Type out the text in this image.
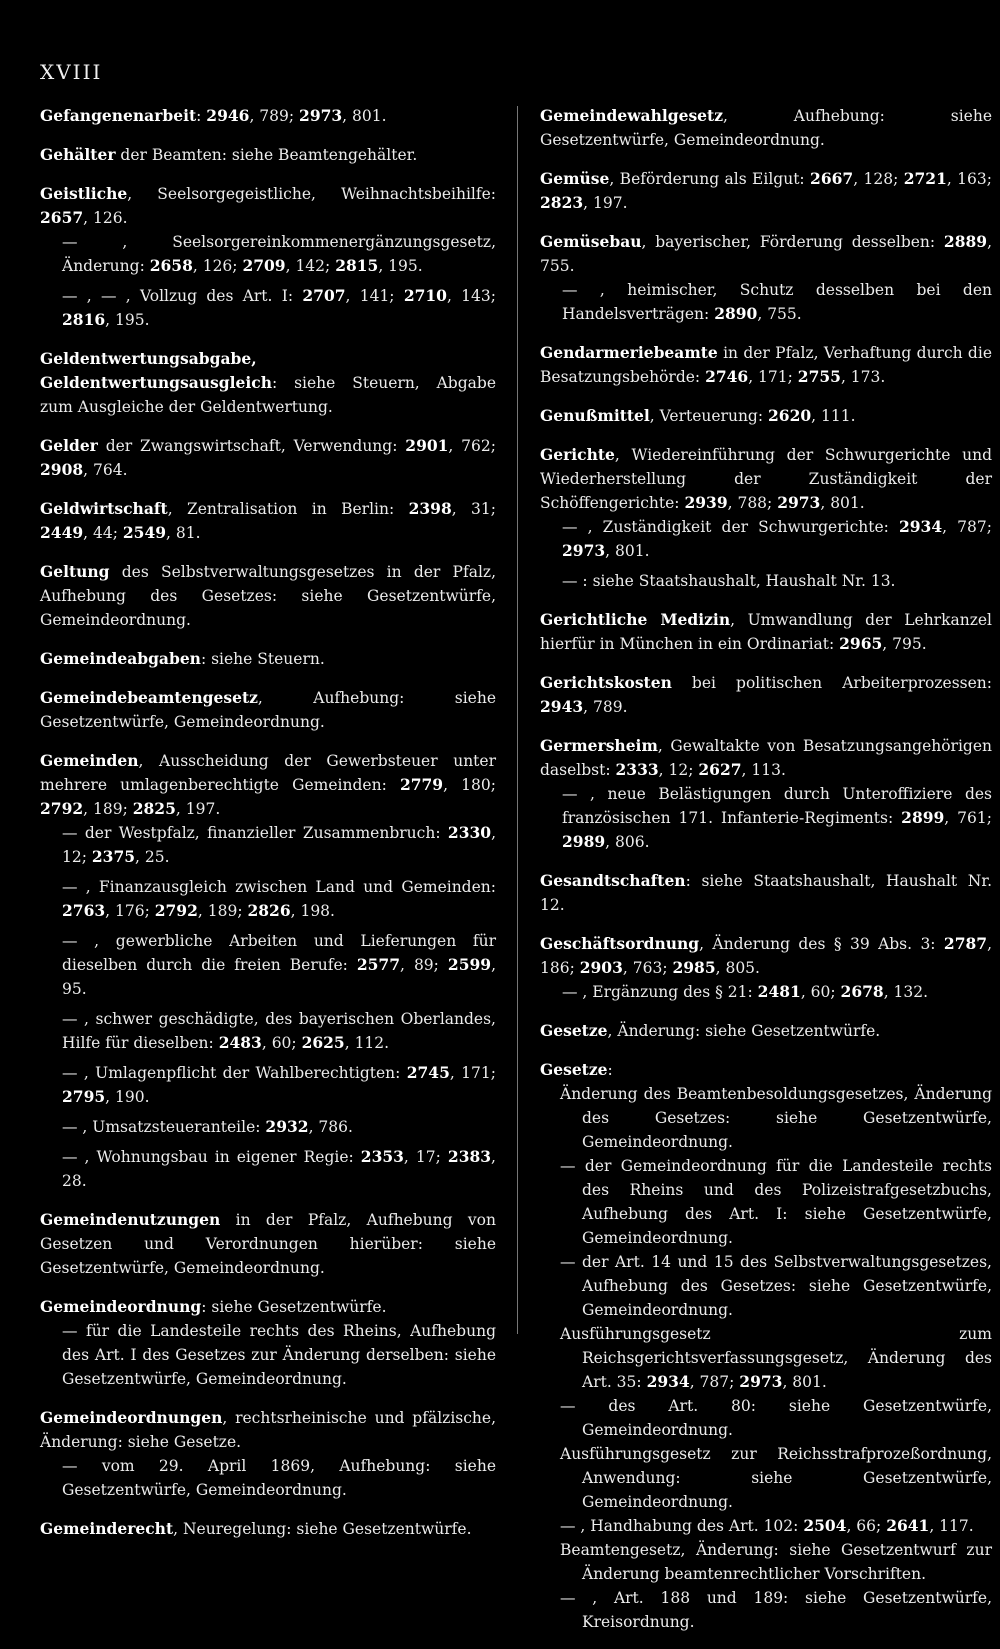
XVIII
Gefangenenarbeit: 2946, 789; 2973, 801.
Gehälter der Beamten: siehe Beamtengehälter.
Geistliche, Seelsorgegeistliche, Weihnachtsbeihilfe: 2657, 126.
— , Seelsorgereinkommenergänzungsgesetz, Änderung: 2658, 126; 2709, 142; 2815, 195.
— , — , Vollzug des Art. I: 2707, 141; 2710, 143; 2816, 195.
Geldentwertungsabgabe, Geldentwertungsausgleich: siehe Steuern, Abgabe zum Ausgleiche der Geldentwertung.
Gelder der Zwangswirtschaft, Verwendung: 2901, 762; 2908, 764.
Geldwirtschaft, Zentralisation in Berlin: 2398, 31; 2449, 44; 2549, 81.
Geltung des Selbstverwaltungsgesetzes in der Pfalz, Aufhebung des Gesetzes: siehe Gesetzentwürfe, Gemeindeordnung.
Gemeindeabgaben: siehe Steuern.
Gemeindebeamtengesetz, Aufhebung: siehe Gesetzentwürfe, Gemeindeordnung.
Gemeinden, Ausscheidung der Gewerbsteuer unter mehrere umlagenberechtigte Gemeinden: 2779, 180; 2792, 189; 2825, 197.
— der Westpfalz, finanzieller Zusammenbruch: 2330, 12; 2375, 25.
— , Finanzausgleich zwischen Land und Gemeinden: 2763, 176; 2792, 189; 2826, 198.
— , gewerbliche Arbeiten und Lieferungen für dieselben durch die freien Berufe: 2577, 89; 2599, 95.
— , schwer geschädigte, des bayerischen Oberlandes, Hilfe für dieselben: 2483, 60; 2625, 112.
— , Umlagenpflicht der Wahlberechtigten: 2745, 171; 2795, 190.
— , Umsatzsteueranteile: 2932, 786.
— , Wohnungsbau in eigener Regie: 2353, 17; 2383, 28.
Gemeindenutzungen in der Pfalz, Aufhebung von Gesetzen und Verordnungen hierüber: siehe Gesetzentwürfe, Gemeindeordnung.
Gemeindeordnung: siehe Gesetzentwürfe.
— für die Landesteile rechts des Rheins, Aufhebung des Art. I des Gesetzes zur Änderung derselben: siehe Gesetzentwürfe, Gemeindeordnung.
Gemeindeordnungen, rechtsrheinische und pfälzische, Änderung: siehe Gesetze.
— vom 29. April 1869, Aufhebung: siehe Gesetzentwürfe, Gemeindeordnung.
Gemeinderecht, Neuregelung: siehe Gesetzentwürfe.
Gemeindewahlgesetz, Aufhebung: siehe Gesetzentwürfe, Gemeindeordnung.
Gemüse, Beförderung als Eilgut: 2667, 128; 2721, 163; 2823, 197.
Gemüsebau, bayerischer, Förderung desselben: 2889, 755.
— , heimischer, Schutz desselben bei den Handelsverträgen: 2890, 755.
Gendarmeriebeamte in der Pfalz, Verhaftung durch die Besatzungsbehörde: 2746, 171; 2755, 173.
Genußmittel, Verteuerung: 2620, 111.
Gerichte, Wiedereinführung der Schwurgerichte und Wiederherstellung der Zuständigkeit der Schöffengerichte: 2939, 788; 2973, 801.
— , Zuständigkeit der Schwurgerichte: 2934, 787; 2973, 801.
— : siehe Staatshaushalt, Haushalt Nr. 13.
Gerichtliche Medizin, Umwandlung der Lehrkanzel hierfür in München in ein Ordinariat: 2965, 795.
Gerichtskosten bei politischen Arbeiterprozessen: 2943, 789.
Germersheim, Gewaltakte von Besatzungsangehörigen daselbst: 2333, 12; 2627, 113.
— , neue Belästigungen durch Unteroffiziere des französischen 171. Infanterie-Regiments: 2899, 761; 2989, 806.
Gesandtschaften: siehe Staatshaushalt, Haushalt Nr. 12.
Geschäftsordnung, Änderung des § 39 Abs. 3: 2787, 186; 2903, 763; 2985, 805.
— , Ergänzung des § 21: 2481, 60; 2678, 132.
Gesetze, Änderung: siehe Gesetzentwürfe.
Gesetze:
Änderung des Beamtenbesoldungsgesetzes, Änderung des Gesetzes: siehe Gesetzentwürfe, Gemeindeordnung.
— der Gemeindeordnung für die Landesteile rechts des Rheins und des Polizeistrafgesetzbuchs, Aufhebung des Art. I: siehe Gesetzentwürfe, Gemeindeordnung.
— der Art. 14 und 15 des Selbstverwaltungsgesetzes, Aufhebung des Gesetzes: siehe Gesetzentwürfe, Gemeindeordnung.
Ausführungsgesetz zum Reichsgerichtsverfassungsgesetz, Änderung des Art. 35: 2934, 787; 2973, 801.
— des Art. 80: siehe Gesetzentwürfe, Gemeindeordnung.
Ausführungsgesetz zur Reichsstrafprozeßordnung, Anwendung: siehe Gesetzentwürfe, Gemeindeordnung.
— , Handhabung des Art. 102: 2504, 66; 2641, 117.
Beamtengesetz, Änderung: siehe Gesetzentwurf zur Änderung beamtenrechtlicher Vorschriften.
— , Art. 188 und 189: siehe Gesetzentwürfe, Kreisordnung.
